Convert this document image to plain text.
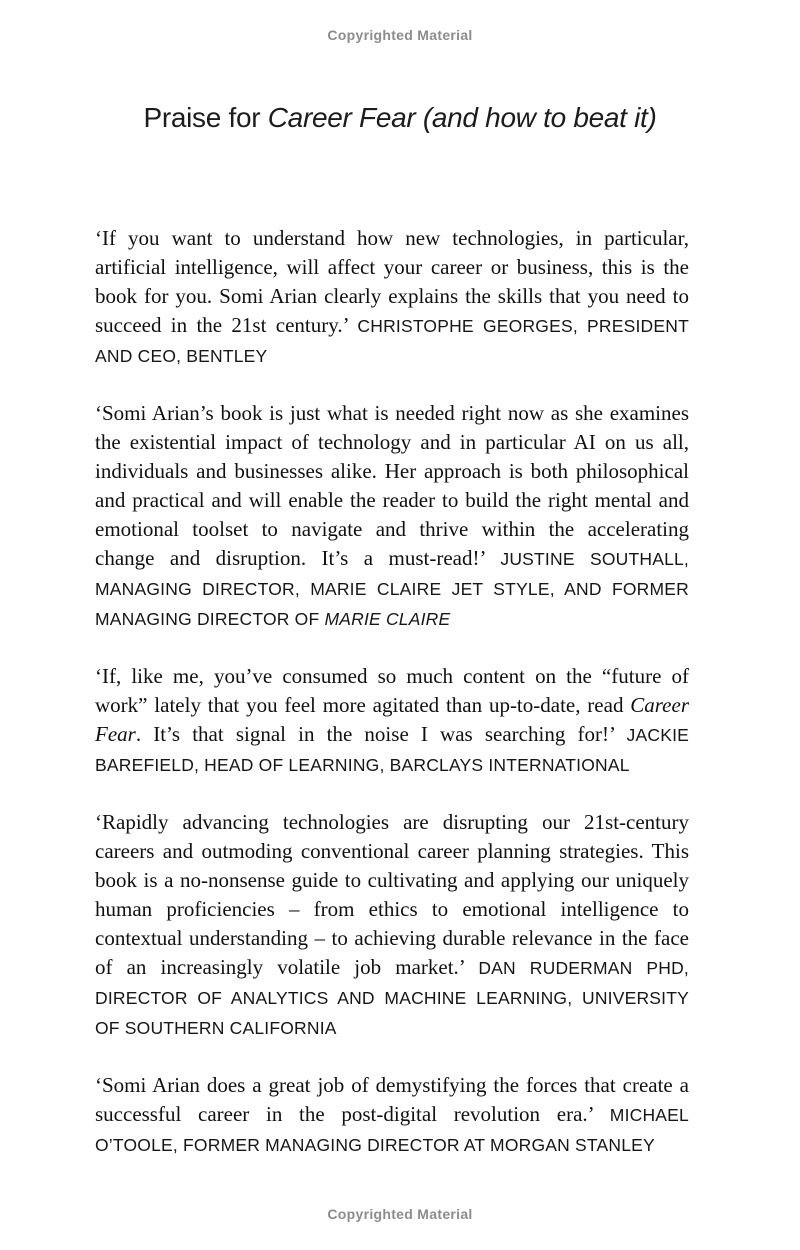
Copyrighted Material
Praise for Career Fear (and how to beat it)

‘If you want to understand how new technologies, in particular, artificial intelligence, will affect your career or business, this is the book for you. Somi Arian clearly explains the skills that you need to succeed in the 21st century.’ CHRISTOPHE GEORGES, PRESIDENT AND CEO, BENTLEY

‘Somi Arian’s book is just what is needed right now as she examines the existential impact of technology and in particular AI on us all, individuals and businesses alike. Her approach is both philosophical and practical and will enable the reader to build the right mental and emotional toolset to navigate and thrive within the accelerating change and disruption. It’s a must-read!’ JUSTINE SOUTHALL, MANAGING DIRECTOR, MARIE CLAIRE JET STYLE, AND FORMER MANAGING DIRECTOR OF MARIE CLAIRE

‘If, like me, you’ve consumed so much content on the “future of work” lately that you feel more agitated than up-to-date, read Career Fear. It’s that signal in the noise I was searching for!’ JACKIE BAREFIELD, HEAD OF LEARNING, BARCLAYS INTERNATIONAL

‘Rapidly advancing technologies are disrupting our 21st-century careers and outmoding conventional career planning strategies. This book is a no-nonsense guide to cultivating and applying our uniquely human proficiencies – from ethics to emotional intelligence to contextual understanding – to achieving durable relevance in the face of an increasingly volatile job market.’ DAN RUDERMAN PHD, DIRECTOR OF ANALYTICS AND MACHINE LEARNING, UNIVERSITY OF SOUTHERN CALIFORNIA

‘Somi Arian does a great job of demystifying the forces that create a successful career in the post-digital revolution era.’ MICHAEL O’TOOLE, FORMER MANAGING DIRECTOR AT MORGAN STANLEY

Copyrighted Material
